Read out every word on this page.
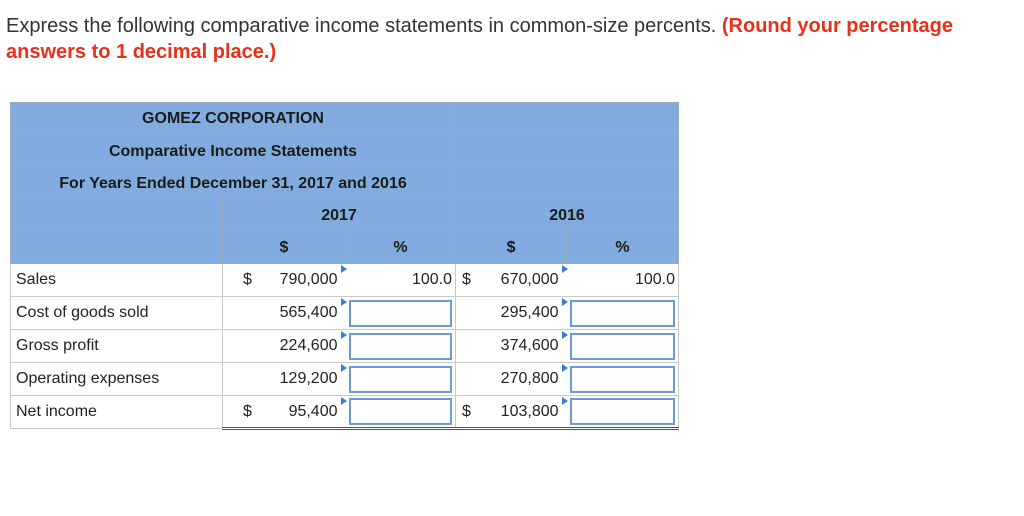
Express the following comparative income statements in common-size percents. (Round your percentage answers to 1 decimal place.)
GOMEZ CORPORATION				
Comparative Income Statements				
For Years Ended December 31, 2017 and 2016				
	2017		2016	
	$	%	$	%
Sales	$ 790,000	100.0	$ 670,000	100.0
Cost of goods sold	565,400		295,400	
Gross profit	224,600		374,600	
Operating expenses	129,200		270,800	
Net income	$ 95,400		$ 103,800	
